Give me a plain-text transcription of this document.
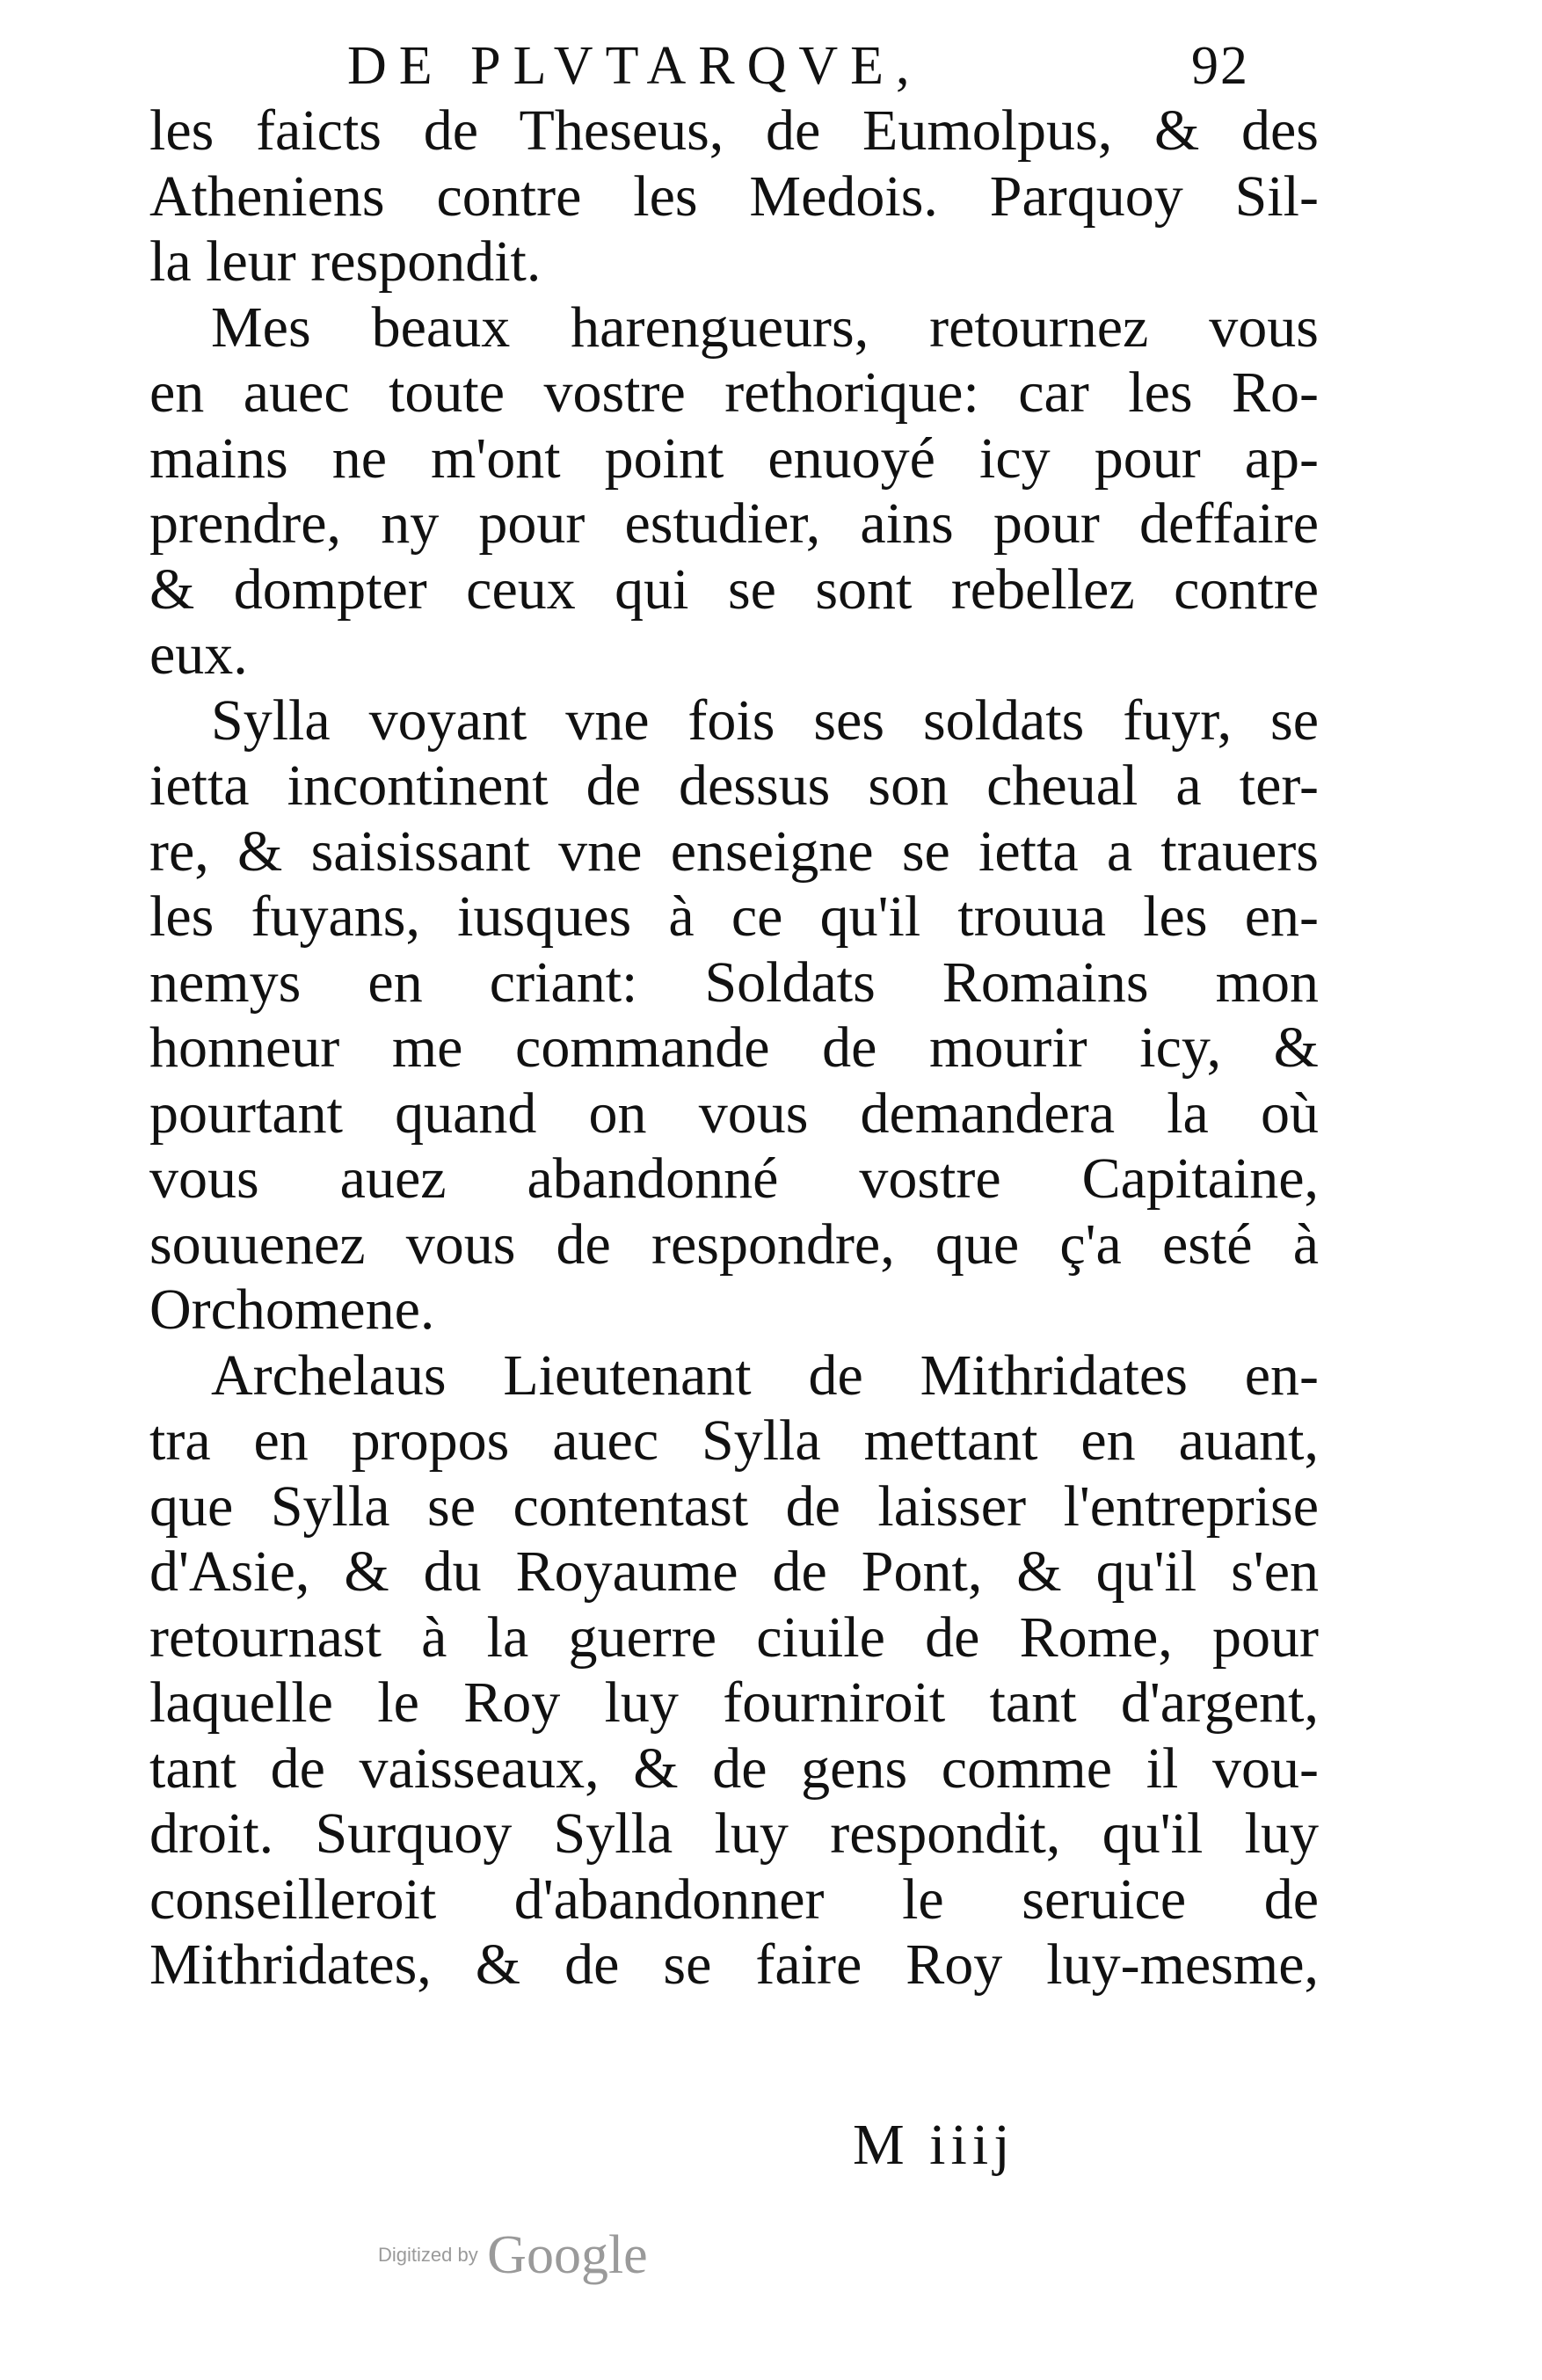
DE PLVTARQVE,	92
les faicts de Theseus, de Eumolpus, & des
Atheniens contre les Medois. Parquoy Sil-
la leur respondit.
Mes beaux harengueurs, retournez vous
en auec toute vostre rethorique: car les Ro-
mains ne m'ont point enuoyé icy pour ap-
prendre, ny pour estudier, ains pour deffaire
& dompter ceux qui se sont rebellez contre
eux.
Sylla voyant vne fois ses soldats fuyr, se
ietta incontinent de dessus son cheual a ter-
re, & saisissant vne enseigne se ietta a trauers
les fuyans, iusques à ce qu'il trouua les en-
nemys en criant: Soldats Romains mon
honneur me commande de mourir icy, &
pourtant quand on vous demandera la où
vous auez abandonné vostre Capitaine,
souuenez vous de respondre, que ç'a esté à
Orchomene.
Archelaus Lieutenant de Mithridates en-
tra en propos auec Sylla mettant en auant,
que Sylla se contentast de laisser l'entreprise
d'Asie, & du Royaume de Pont, & qu'il s'en
retournast à la guerre ciuile de Rome, pour
laquelle le Roy luy fourniroit tant d'argent,
tant de vaisseaux, & de gens comme il vou-
droit. Surquoy Sylla luy respondit, qu'il luy
conseilleroit d'abandonner le seruice de
Mithridates, & de se faire Roy luy-mesme,
M iiij
Digitized by Google
